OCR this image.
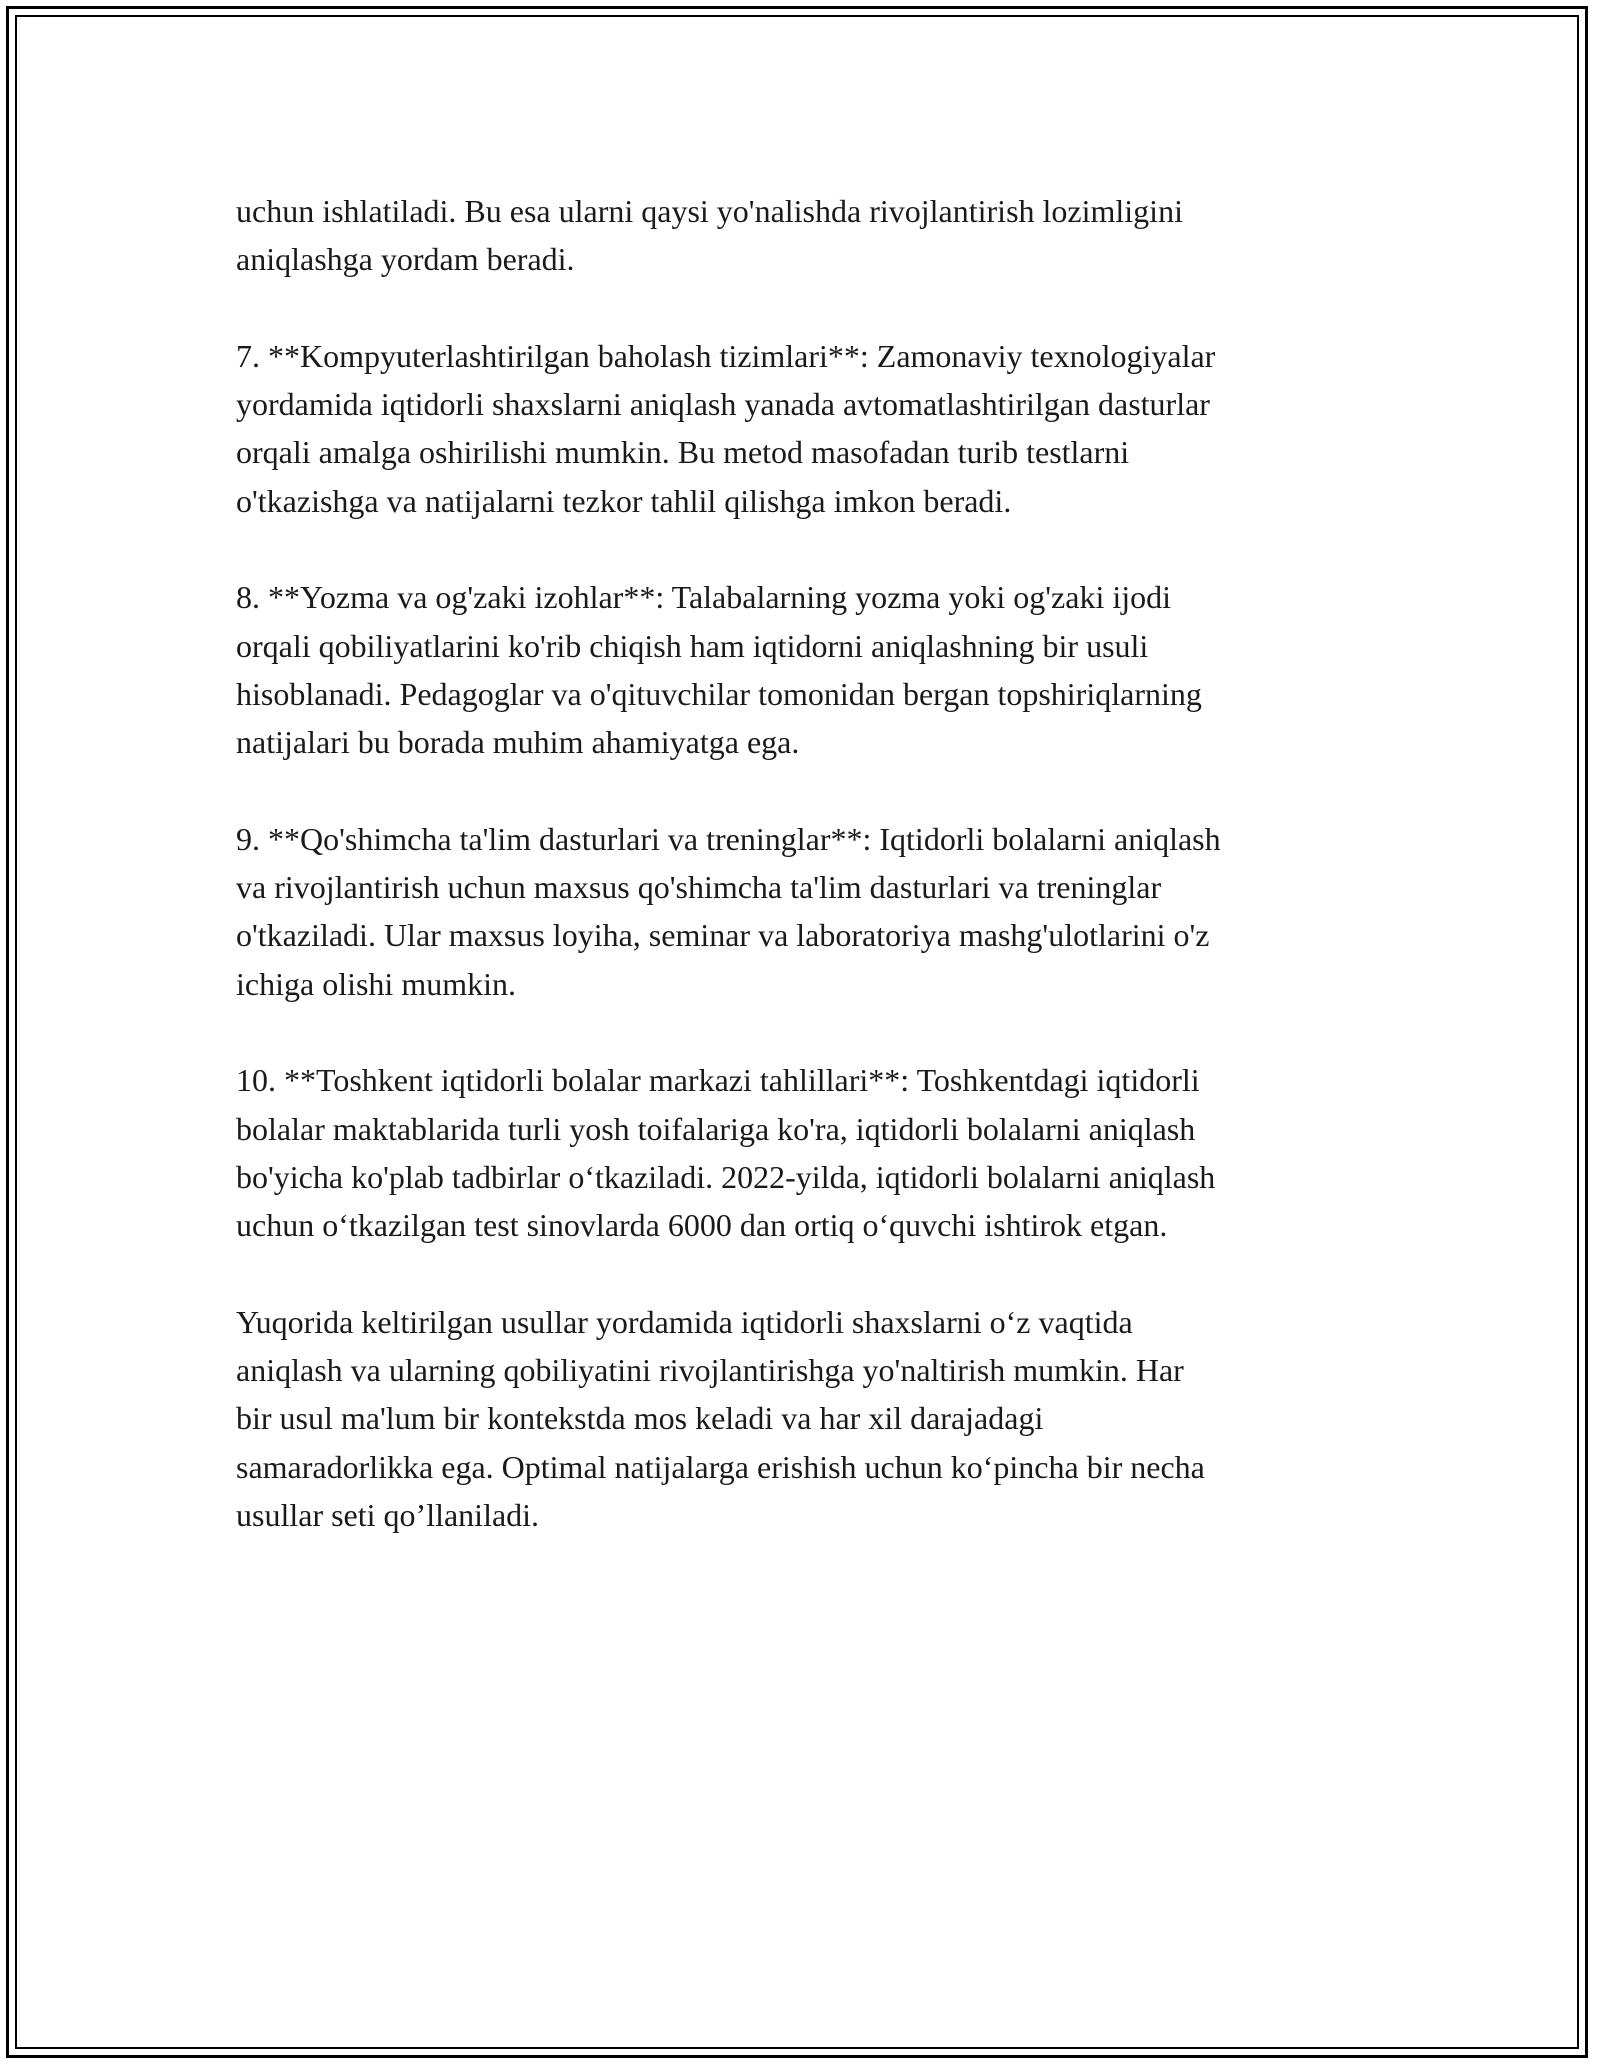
uchun ishlatiladi. Bu esa ularni qaysi yo'nalishda rivojlantirish lozimligini
aniqlashga yordam beradi.
7. **Kompyuterlashtirilgan baholash tizimlari**: Zamonaviy texnologiyalar
yordamida iqtidorli shaxslarni aniqlash yanada avtomatlashtirilgan dasturlar
orqali amalga oshirilishi mumkin. Bu metod masofadan turib testlarni
o'tkazishga va natijalarni tezkor tahlil qilishga imkon beradi.
8. **Yozma va og'zaki izohlar**: Talabalarning yozma yoki og'zaki ijodi
orqali qobiliyatlarini ko'rib chiqish ham iqtidorni aniqlashning bir usuli
hisoblanadi. Pedagoglar va o'qituvchilar tomonidan bergan topshiriqlarning
natijalari bu borada muhim ahamiyatga ega.
9. **Qo'shimcha ta'lim dasturlari va treninglar**: Iqtidorli bolalarni aniqlash
va rivojlantirish uchun maxsus qo'shimcha ta'lim dasturlari va treninglar
o'tkaziladi. Ular maxsus loyiha, seminar va laboratoriya mashg'ulotlarini o'z
ichiga olishi mumkin.
10. **Toshkent iqtidorli bolalar markazi tahlillari**: Toshkentdagi iqtidorli
bolalar maktablarida turli yosh toifalariga ko'ra, iqtidorli bolalarni aniqlash
bo'yicha ko'plab tadbirlar o‘tkaziladi. 2022-yilda, iqtidorli bolalarni aniqlash
uchun o‘tkazilgan test sinovlarda 6000 dan ortiq o‘quvchi ishtirok etgan.
Yuqorida keltirilgan usullar yordamida iqtidorli shaxslarni o‘z vaqtida
aniqlash va ularning qobiliyatini rivojlantirishga yo'naltirish mumkin. Har
bir usul ma'lum bir kontekstda mos keladi va har xil darajadagi
samaradorlikka ega. Optimal natijalarga erishish uchun ko‘pincha bir necha
usullar seti qo’llaniladi.
